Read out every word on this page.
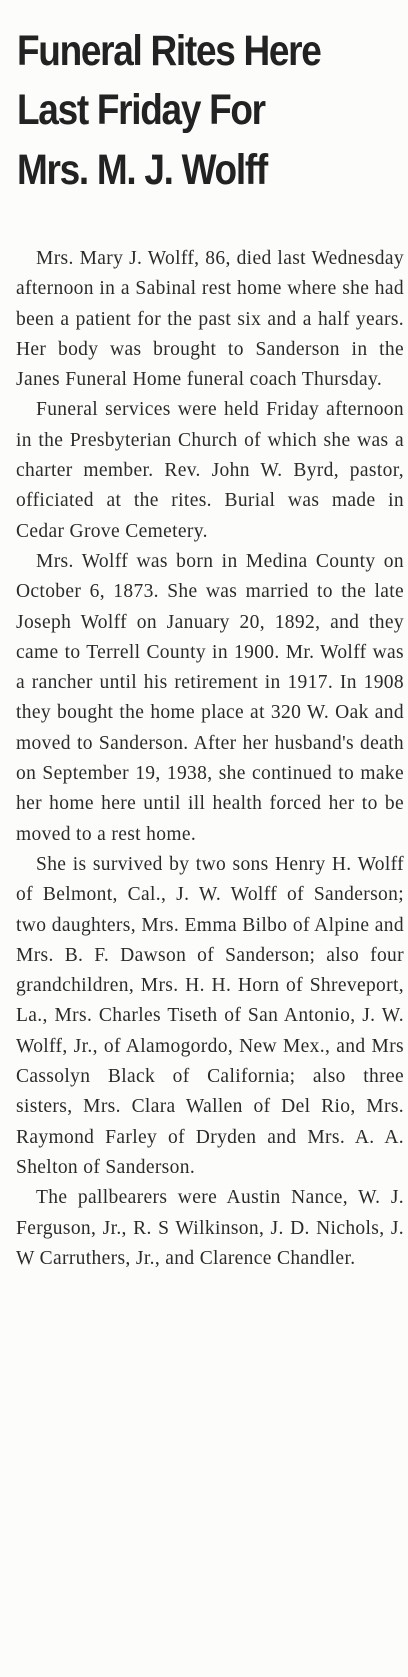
Funeral Rites Here
Last Friday For
Mrs. M. J. Wolff

Mrs. Mary J. Wolff, 86, died last Wednesday afternoon in a Sabinal rest home where she had been a patient for the past six and a half years. Her body was brought to Sanderson in the Janes Funeral Home funeral coach Thursday.

Funeral services were held Friday afternoon in the Presbyterian Church of which she was a charter member. Rev. John W. Byrd, pastor, officiated at the rites. Burial was made in Cedar Grove Cemetery.

Mrs. Wolff was born in Medina County on October 6, 1873. She was married to the late Joseph Wolff on January 20, 1892, and they came to Terrell County in 1900. Mr. Wolff was a rancher until his retirement in 1917. In 1908 they bought the home place at 320 W. Oak and moved to Sanderson. After her husband's death on September 19, 1938, she continued to make her home here until ill health forced her to be moved to a rest home.

She is survived by two sons Henry H. Wolff of Belmont, Cal., J. W. Wolff of Sanderson; two daughters, Mrs. Emma Bilbo of Alpine and Mrs. B. F. Dawson of Sanderson; also four grandchildren, Mrs. H. H. Horn of Shreveport, La., Mrs. Charles Tiseth of San Antonio, J. W. Wolff, Jr., of Alamogordo, New Mex., and Mrs Cassolyn Black of California; also three sisters, Mrs. Clara Wallen of Del Rio, Mrs. Raymond Farley of Dryden and Mrs. A. A. Shelton of Sanderson.

The pallbearers were Austin Nance, W. J. Ferguson, Jr., R. S Wilkinson, J. D. Nichols, J. W Carruthers, Jr., and Clarence Chandler.
